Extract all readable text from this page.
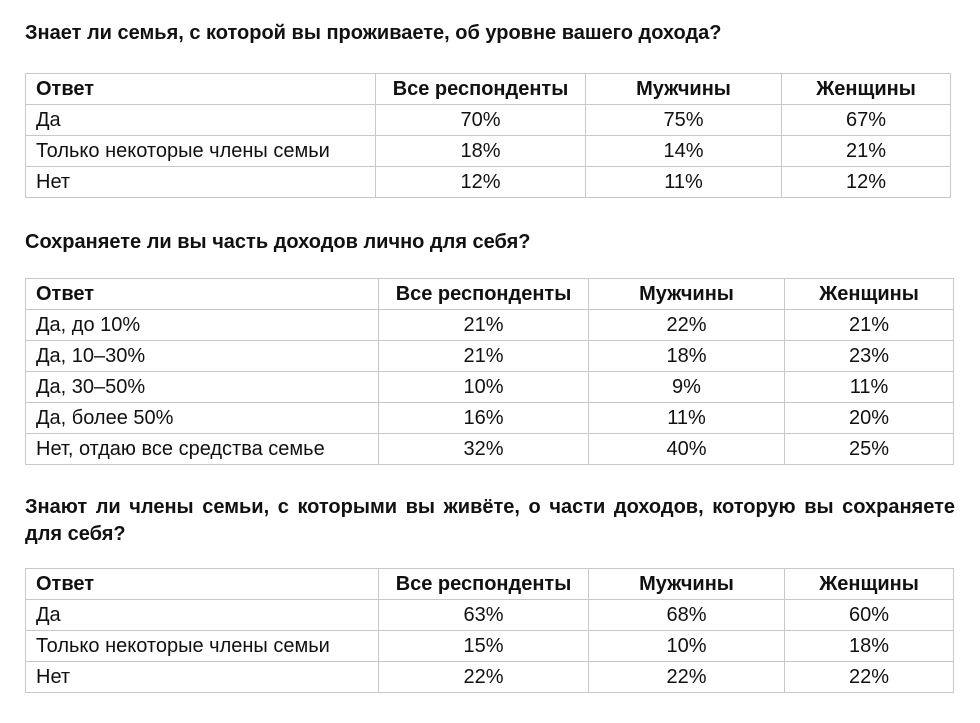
Знает ли семья, с которой вы проживаете, об уровне вашего дохода?
Ответ	Все респонденты	Мужчины	Женщины
Да	70%	75%	67%
Только некоторые члены семьи	18%	14%	21%
Нет	12%	11%	12%
Сохраняете ли вы часть доходов лично для себя?
Ответ	Все респонденты	Мужчины	Женщины
Да, до 10%	21%	22%	21%
Да, 10–30%	21%	18%	23%
Да, 30–50%	10%	9%	11%
Да, более 50%	16%	11%	20%
Нет, отдаю все средства семье	32%	40%	25%
Знают ли члены семьи, с которыми вы живёте, о части доходов, которую вы сохраняете для себя?
Ответ	Все респонденты	Мужчины	Женщины
Да	63%	68%	60%
Только некоторые члены семьи	15%	10%	18%
Нет	22%	22%	22%
